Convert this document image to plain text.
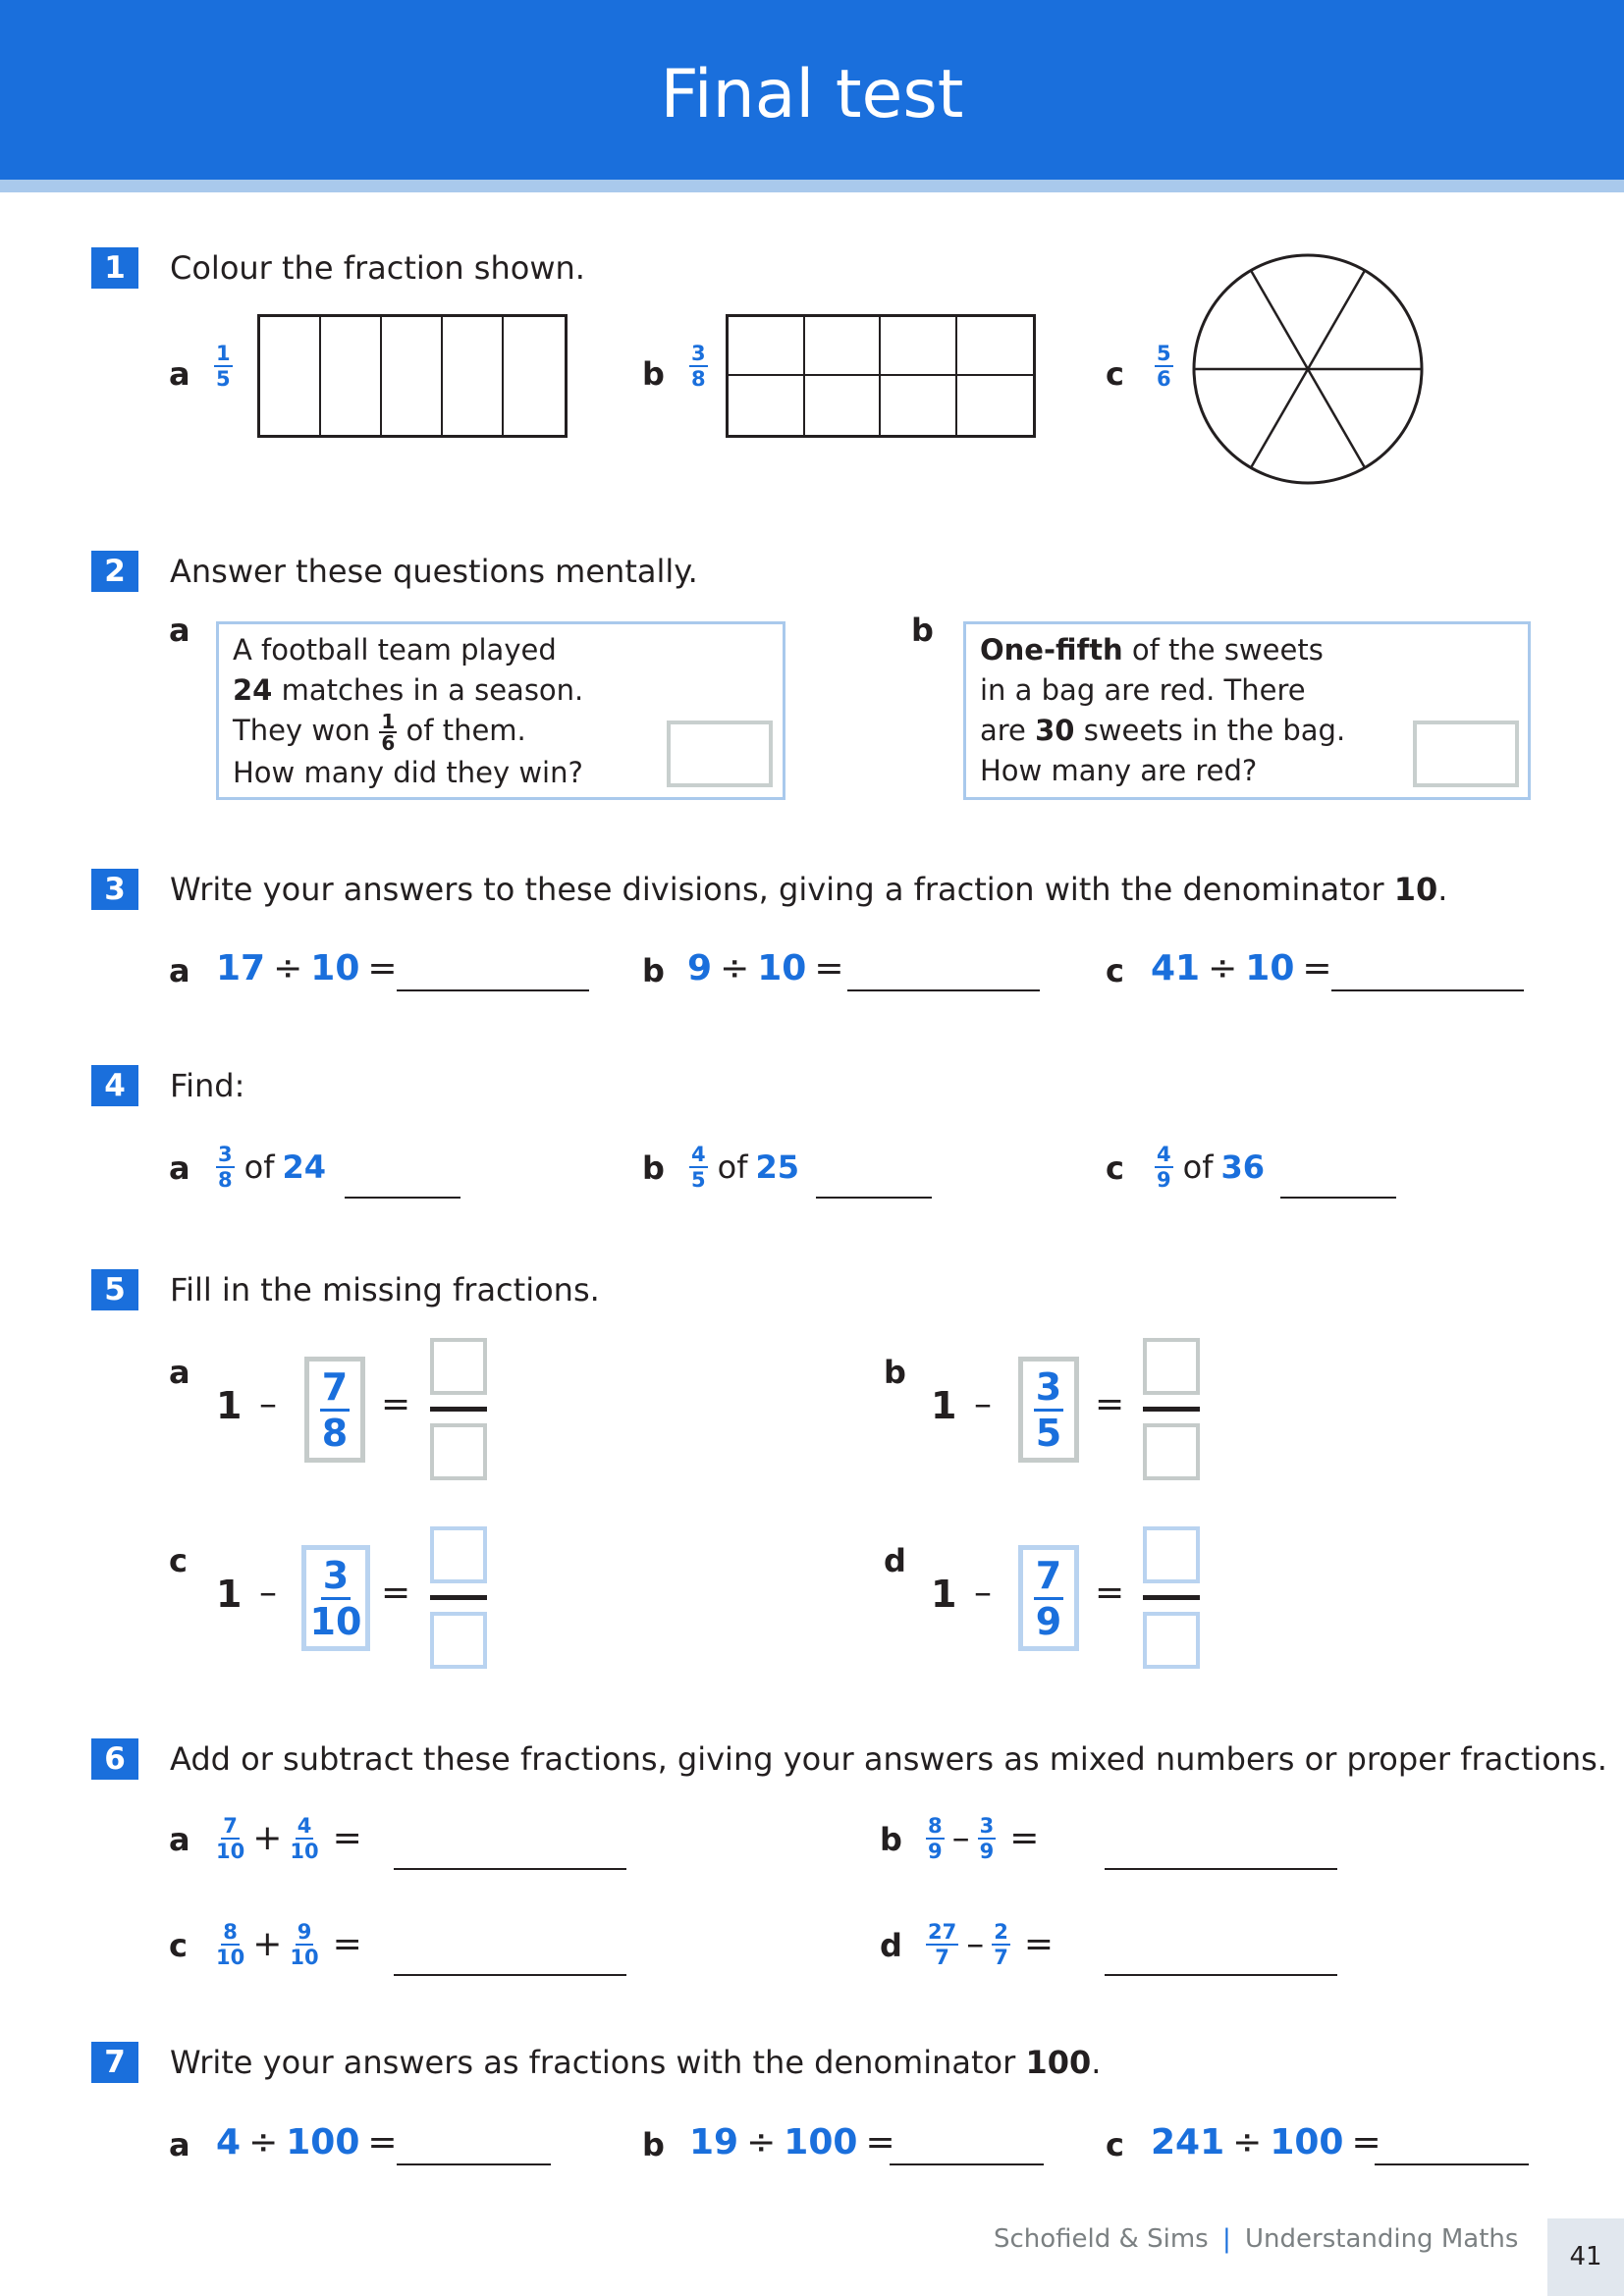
Final test
1	Colour the fraction shown.
a $\frac{1}{5}$	b $\frac{3}{8}$	c $\frac{5}{6}$
2	Answer these questions mentally.
a

A football team played

24 matches in a season.

They won $\frac{1}{6}$ of them.

How many did they win?

b

One-fifth of the sweets

in a bag are red. There

are 30 sweets in the bag.

How many are red?

3	Write your answers to these divisions, giving a fraction with the denominator 10.
a 17 ÷ 10 =	b 9 ÷ 10 =	c 41 ÷ 10 =
4	Find:
a $\frac{3}{8}$ of 24	b $\frac{4}{5}$ of 25	c $\frac{4}{9}$ of 36
5	Fill in the missing fractions.
a
$1 - \frac{7}{8}$ =
b
$1 - \frac{3}{5}$ =
c
$1 - \frac{3}{10}$ =
d
$1 - \frac{7}{9}$ =
6	Add or subtract these fractions, giving your answers as mixed numbers or proper fractions.
a $\frac{7}{10} + \frac{4}{10}$ =	b $\frac{8}{9} - \frac{3}{9}$ =
c $\frac{8}{10} + \frac{9}{10}$ =	d $\frac{27}{7} - \frac{2}{7}$ =
7	Write your answers as fractions with the denominator 100.
a 4 ÷ 100 =	b 19 ÷ 100 =	c 241 ÷ 100 =
Schofield & Sims | Understanding Maths
41
